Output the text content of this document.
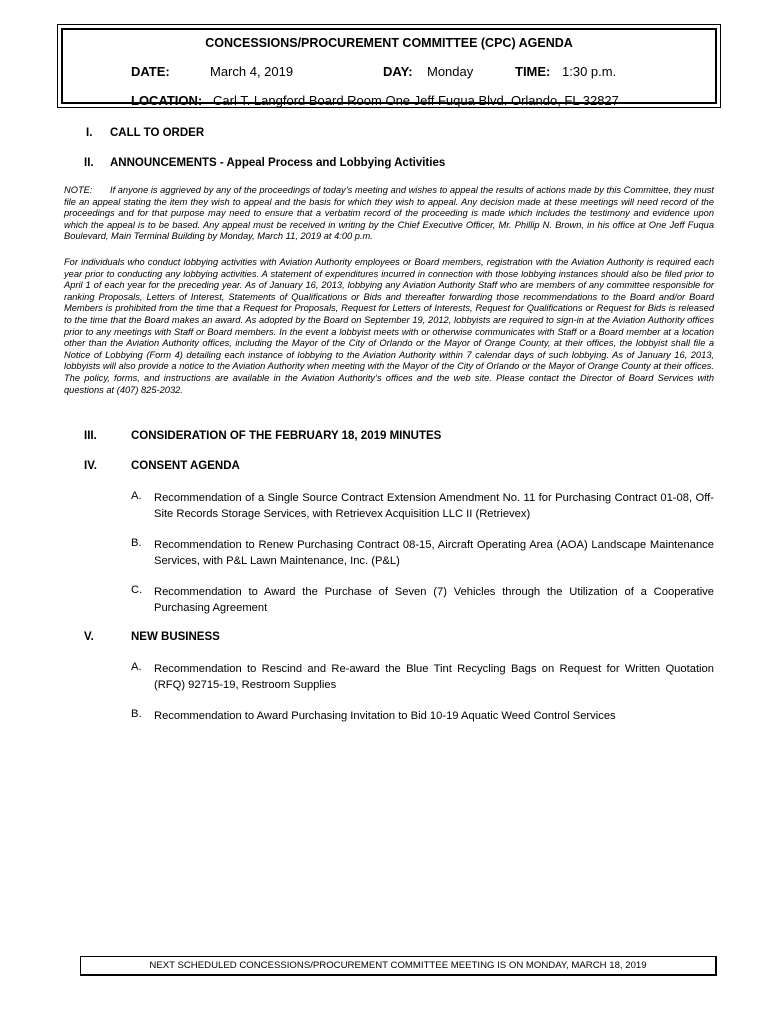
CONCESSIONS/PROCUREMENT COMMITTEE (CPC) AGENDA
DATE:	March 4, 2019	DAY: Monday	TIME: 1:30 p.m.
LOCATION: Carl T. Langford Board Room One Jeff Fuqua Blvd. Orlando, FL 32827
I. CALL TO ORDER
II. ANNOUNCEMENTS - Appeal Process and Lobbying Activities
NOTE: If anyone is aggrieved by any of the proceedings of today’s meeting and wishes to appeal the results of actions made by this Committee, they must file an appeal stating the item they wish to appeal and the basis for which they wish to appeal. Any decision made at these meetings will need record of the proceedings and for that purpose may need to ensure that a verbatim record of the proceeding is made which includes the testimony and evidence upon which the appeal is to be based. Any appeal must be received in writing by the Chief Executive Officer, Mr. Phillip N. Brown, in his office at One Jeff Fuqua Boulevard, Main Terminal Building by Monday, March 11, 2019 at 4:00 p.m.
For individuals who conduct lobbying activities with Aviation Authority employees or Board members, registration with the Aviation Authority is required each year prior to conducting any lobbying activities. A statement of expenditures incurred in connection with those lobbying instances should also be filed prior to April 1 of each year for the preceding year. As of January 16, 2013, lobbying any Aviation Authority Staff who are members of any committee responsible for ranking Proposals, Letters of Interest, Statements of Qualifications or Bids and thereafter forwarding those recommendations to the Board and/or Board Members is prohibited from the time that a Request for Proposals, Request for Letters of Interests, Request for Qualifications or Request for Bids is released to the time that the Board makes an award. As adopted by the Board on September 19, 2012, lobbyists are required to sign-in at the Aviation Authority offices prior to any meetings with Staff or Board members. In the event a lobbyist meets with or otherwise communicates with Staff or a Board member at a location other than the Aviation Authority offices, including the Mayor of the City of Orlando or the Mayor of Orange County, at their offices, the lobbyist shall file a Notice of Lobbying (Form 4) detailing each instance of lobbying to the Aviation Authority within 7 calendar days of such lobbying. As of January 16, 2013, lobbyists will also provide a notice to the Aviation Authority when meeting with the Mayor of the City of Orlando or the Mayor of Orange County at their offices. The policy, forms, and instructions are available in the Aviation Authority’s offices and the web site. Please contact the Director of Board Services with questions at (407) 825-2032.
III.	CONSIDERATION OF THE FEBRUARY 18, 2019 MINUTES
IV.	CONSENT AGENDA
A. Recommendation of a Single Source Contract Extension Amendment No. 11 for Purchasing Contract 01-08, Off-Site Records Storage Services, with Retrievex Acquisition LLC II (Retrievex)
B. Recommendation to Renew Purchasing Contract 08-15, Aircraft Operating Area (AOA) Landscape Maintenance Services, with P&L Lawn Maintenance, Inc. (P&L)
C. Recommendation to Award the Purchase of Seven (7) Vehicles through the Utilization of a Cooperative Purchasing Agreement
V.	NEW BUSINESS
A. Recommendation to Rescind and Re-award the Blue Tint Recycling Bags on Request for Written Quotation (RFQ) 92715-19, Restroom Supplies
B. Recommendation to Award Purchasing Invitation to Bid 10-19 Aquatic Weed Control Services
NEXT SCHEDULED CONCESSIONS/PROCUREMENT COMMITTEE MEETING IS ON MONDAY, MARCH 18, 2019
